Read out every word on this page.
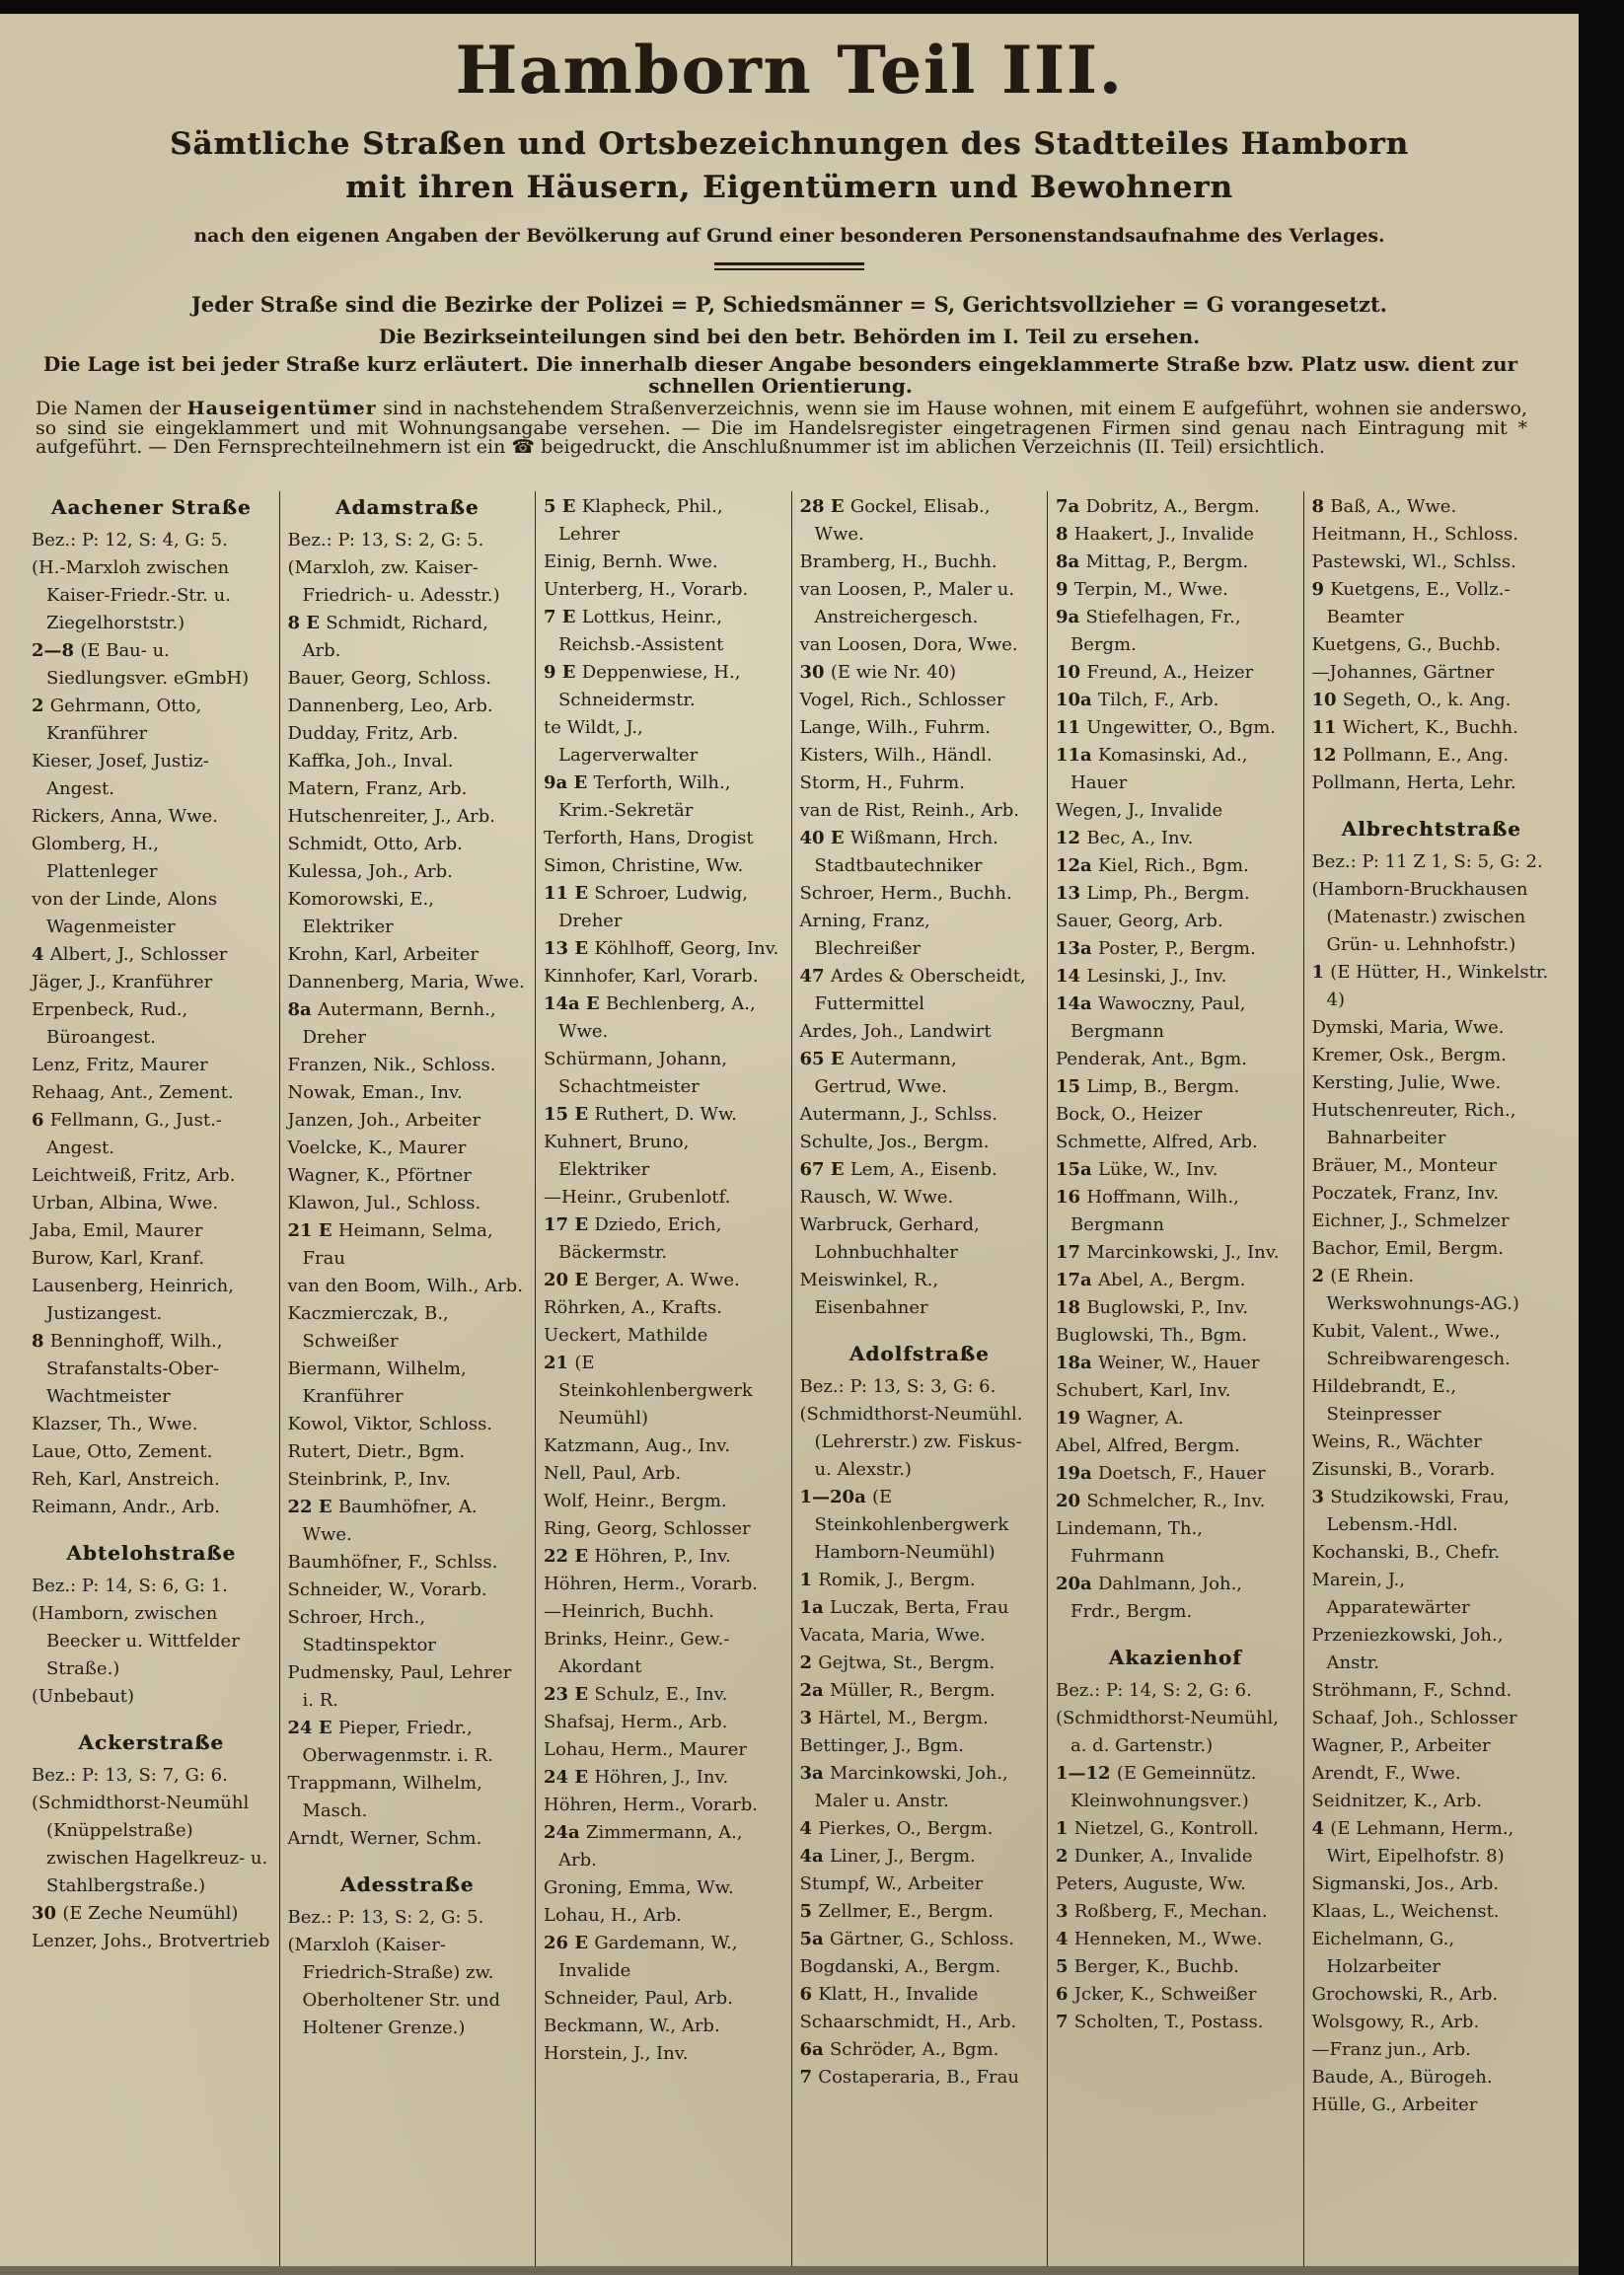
Hamborn Teil III.
Sämtliche Straßen und Ortsbezeichnungen des Stadtteiles Hamborn
mit ihren Häusern, Eigentümern und Bewohnern
nach den eigenen Angaben der Bevölkerung auf Grund einer besonderen Personenstandsaufnahme des Verlages.
Jeder Straße sind die Bezirke der Polizei = P, Schiedsmänner = S, Gerichtsvollzieher = G vorangesetzt.
Die Bezirkseinteilungen sind bei den betr. Behörden im I. Teil zu ersehen.
Die Lage ist bei jeder Straße kurz erläutert. Die innerhalb dieser Angabe besonders eingeklammerte Straße bzw. Platz usw. dient zur schnellen Orientierung.

Die Namen der Hauseigentümer sind in nachstehendem Straßenverzeichnis, wenn sie im Hause wohnen, mit einem E aufgeführt, wohnen sie anderswo, so sind sie eingeklammert und mit Wohnungsangabe versehen. — Die im Handelsregister eingetragenen Firmen sind genau nach Eintragung mit * aufgeführt. — Den Fernsprechteilnehmern ist ein ☎ beigedruckt, die Anschlußnummer ist im ablichen Verzeichnis (II. Teil) ersichtlich.

Aachener Straße
Bez.: P: 12, S: 4, G: 5.
(H.-Marxloh zwischen Kaiser-Friedr.-Str. u. Ziegelhorststr.)
2—8 (E Bau- u. Siedlungsver. eGmbH)
2 Gehrmann, Otto, Kranführer
Kieser, Josef, Justiz-Angest.
Rickers, Anna, Wwe.
Glomberg, H., Plattenleger
von der Linde, Alons Wagenmeister
4 Albert, J., Schlosser
Jäger, J., Kranführer
Erpenbeck, Rud., Büroangest.
Lenz, Fritz, Maurer
Rehaag, Ant., Zement.
6 Fellmann, G., Just.-Angest.
Leichtweiß, Fritz, Arb.
Urban, Albina, Wwe.
Jaba, Emil, Maurer
Burow, Karl, Kranf.
Lausenberg, Heinrich, Justizangest.
8 Benninghoff, Wilh., Strafanstalts-Ober-Wachtmeister
Klazser, Th., Wwe.
Laue, Otto, Zement.
Reh, Karl, Anstreich.
Reimann, Andr., Arb.
Abtelohstraße
Bez.: P: 14, S: 6, G: 1.
(Hamborn, zwischen Beecker u. Wittfelder Straße.)
(Unbebaut)
Ackerstraße
Bez.: P: 13, S: 7, G: 6.
(Schmidthorst-Neumühl (Knüppelstraße) zwischen Hagelkreuz- u. Stahlbergstraße.)
30 (E Zeche Neumühl)
Lenzer, Johs., Brotvertrieb
Adamstraße
Bez.: P: 13, S: 2, G: 5.
(Marxloh, zw. Kaiser-Friedrich- u. Adesstr.)
8 E Schmidt, Richard, Arb.
Bauer, Georg, Schloss.
Dannenberg, Leo, Arb.
Dudday, Fritz, Arb.
Kaffka, Joh., Inval.
Matern, Franz, Arb.
Hutschenreiter, J., Arb.
Schmidt, Otto, Arb.
Kulessa, Joh., Arb.
Komorowski, E., Elektriker
Krohn, Karl, Arbeiter
Dannenberg, Maria, Wwe.
8a Autermann, Bernh., Dreher
Franzen, Nik., Schloss.
Nowak, Eman., Inv.
Janzen, Joh., Arbeiter
Voelcke, K., Maurer
Wagner, K., Pförtner
Klawon, Jul., Schloss.
21 E Heimann, Selma, Frau
van den Boom, Wilh., Arb.
Kaczmierczak, B., Schweißer
Biermann, Wilhelm, Kranführer
Kowol, Viktor, Schloss.
Rutert, Dietr., Bgm.
Steinbrink, P., Inv.
22 E Baumhöfner, A. Wwe.
Baumhöfner, F., Schlss.
Schneider, W., Vorarb.
Schroer, Hrch., Stadtinspektor
Pudmensky, Paul, Lehrer i. R.
24 E Pieper, Friedr., Oberwagenmstr. i. R.
Trappmann, Wilhelm, Masch.
Arndt, Werner, Schm.
Adesstraße
Bez.: P: 13, S: 2, G: 5.
(Marxloh (Kaiser-Friedrich-Straße) zw. Oberholtener Str. und Holtener Grenze.)
5 E Klapheck, Phil., Lehrer
Einig, Bernh. Wwe.
Unterberg, H., Vorarb.
7 E Lottkus, Heinr., Reichsb.-Assistent
9 E Deppenwiese, H., Schneidermstr.
te Wildt, J., Lagerverwalter
9a E Terforth, Wilh., Krim.-Sekretär
Terforth, Hans, Drogist
Simon, Christine, Ww.
11 E Schroer, Ludwig, Dreher
13 E Köhlhoff, Georg, Inv.
Kinnhofer, Karl, Vorarb.
14a E Bechlenberg, A., Wwe.
Schürmann, Johann, Schachtmeister
15 E Ruthert, D. Ww.
Kuhnert, Bruno, Elektriker
—Heinr., Grubenlotf.
17 E Dziedo, Erich, Bäckermstr.
20 E Berger, A. Wwe.
Röhrken, A., Krafts.
Ueckert, Mathilde
21 (E Steinkohlenbergwerk Neumühl)
Katzmann, Aug., Inv.
Nell, Paul, Arb.
Wolf, Heinr., Bergm.
Ring, Georg, Schlosser
22 E Höhren, P., Inv.
Höhren, Herm., Vorarb.
—Heinrich, Buchh.
Brinks, Heinr., Gew.-Akordant
23 E Schulz, E., Inv.
Shafsaj, Herm., Arb.
Lohau, Herm., Maurer
24 E Höhren, J., Inv.
Höhren, Herm., Vorarb.
24a Zimmermann, A., Arb.
Groning, Emma, Ww.
Lohau, H., Arb.
26 E Gardemann, W., Invalide
Schneider, Paul, Arb.
Beckmann, W., Arb.
Horstein, J., Inv.
28 E Gockel, Elisab., Wwe.
Bramberg, H., Buchh.
van Loosen, P., Maler u. Anstreichergesch.
van Loosen, Dora, Wwe.
30 (E wie Nr. 40)
Vogel, Rich., Schlosser
Lange, Wilh., Fuhrm.
Kisters, Wilh., Händl.
Storm, H., Fuhrm.
van de Rist, Reinh., Arb.
40 E Wißmann, Hrch. Stadtbautechniker
Schroer, Herm., Buchh.
Arning, Franz, Blechreißer
47 Ardes & Oberscheidt, Futtermittel
Ardes, Joh., Landwirt
65 E Autermann, Gertrud, Wwe.
Autermann, J., Schlss.
Schulte, Jos., Bergm.
67 E Lem, A., Eisenb.
Rausch, W. Wwe.
Warbruck, Gerhard, Lohnbuchhalter
Meiswinkel, R., Eisenbahner
Adolfstraße
Bez.: P: 13, S: 3, G: 6.
(Schmidthorst-Neumühl. (Lehrerstr.) zw. Fiskus- u. Alexstr.)
1—20a (E Steinkohlenbergwerk Hamborn-Neumühl)
1 Romik, J., Bergm.
1a Luczak, Berta, Frau
Vacata, Maria, Wwe.
2 Gejtwa, St., Bergm.
2a Müller, R., Bergm.
3 Härtel, M., Bergm.
Bettinger, J., Bgm.
3a Marcinkowski, Joh., Maler u. Anstr.
4 Pierkes, O., Bergm.
4a Liner, J., Bergm.
Stumpf, W., Arbeiter
5 Zellmer, E., Bergm.
5a Gärtner, G., Schloss.
Bogdanski, A., Bergm.
6 Klatt, H., Invalide
Schaarschmidt, H., Arb.
6a Schröder, A., Bgm.
7 Costaperaria, B., Frau
7a Dobritz, A., Bergm.
8 Haakert, J., Invalide
8a Mittag, P., Bergm.
9 Terpin, M., Wwe.
9a Stiefelhagen, Fr., Bergm.
10 Freund, A., Heizer
10a Tilch, F., Arb.
11 Ungewitter, O., Bgm.
11a Komasinski, Ad., Hauer
Wegen, J., Invalide
12 Bec, A., Inv.
12a Kiel, Rich., Bgm.
13 Limp, Ph., Bergm.
Sauer, Georg, Arb.
13a Poster, P., Bergm.
14 Lesinski, J., Inv.
14a Wawoczny, Paul, Bergmann
Penderak, Ant., Bgm.
15 Limp, B., Bergm.
Bock, O., Heizer
Schmette, Alfred, Arb.
15a Lüke, W., Inv.
16 Hoffmann, Wilh., Bergmann
17 Marcinkowski, J., Inv.
17a Abel, A., Bergm.
18 Buglowski, P., Inv.
Buglowski, Th., Bgm.
18a Weiner, W., Hauer
Schubert, Karl, Inv.
19 Wagner, A.
Abel, Alfred, Bergm.
19a Doetsch, F., Hauer
20 Schmelcher, R., Inv.
Lindemann, Th., Fuhrmann
20a Dahlmann, Joh., Frdr., Bergm.
Akazienhof
Bez.: P: 14, S: 2, G: 6.
(Schmidthorst-Neumühl, a. d. Gartenstr.)
1—12 (E Gemeinnütz. Kleinwohnungsver.)
1 Nietzel, G., Kontroll.
2 Dunker, A., Invalide
Peters, Auguste, Ww.
3 Roßberg, F., Mechan.
4 Henneken, M., Wwe.
5 Berger, K., Buchb.
6 Jcker, K., Schweißer
7 Scholten, T., Postass.
8 Baß, A., Wwe.
Heitmann, H., Schloss.
Pastewski, Wl., Schlss.
9 Kuetgens, E., Vollz.-Beamter
Kuetgens, G., Buchb.
—Johannes, Gärtner
10 Segeth, O., k. Ang.
11 Wichert, K., Buchh.
12 Pollmann, E., Ang.
Pollmann, Herta, Lehr.
Albrechtstraße
Bez.: P: 11 Z 1, S: 5, G: 2.
(Hamborn-Bruckhausen (Matenastr.) zwischen Grün- u. Lehnhofstr.)
1 (E Hütter, H., Winkelstr. 4)
Dymski, Maria, Wwe.
Kremer, Osk., Bergm.
Kersting, Julie, Wwe.
Hutschenreuter, Rich., Bahnarbeiter
Bräuer, M., Monteur
Poczatek, Franz, Inv.
Eichner, J., Schmelzer
Bachor, Emil, Bergm.
2 (E Rhein. Werkswohnungs-AG.)
Kubit, Valent., Wwe., Schreibwarengesch.
Hildebrandt, E., Steinpresser
Weins, R., Wächter
Zisunski, B., Vorarb.
3 Studzikowski, Frau, Lebensm.-Hdl.
Kochanski, B., Chefr.
Marein, J., Apparatewärter
Przeniezkowski, Joh., Anstr.
Ströhmann, F., Schnd.
Schaaf, Joh., Schlosser
Wagner, P., Arbeiter
Arendt, F., Wwe.
Seidnitzer, K., Arb.
4 (E Lehmann, Herm., Wirt, Eipelhofstr. 8)
Sigmanski, Jos., Arb.
Klaas, L., Weichenst.
Eichelmann, G., Holzarbeiter
Grochowski, R., Arb.
Wolsgowy, R., Arb.
—Franz jun., Arb.
Baude, A., Bürogeh.
Hülle, G., Arbeiter
